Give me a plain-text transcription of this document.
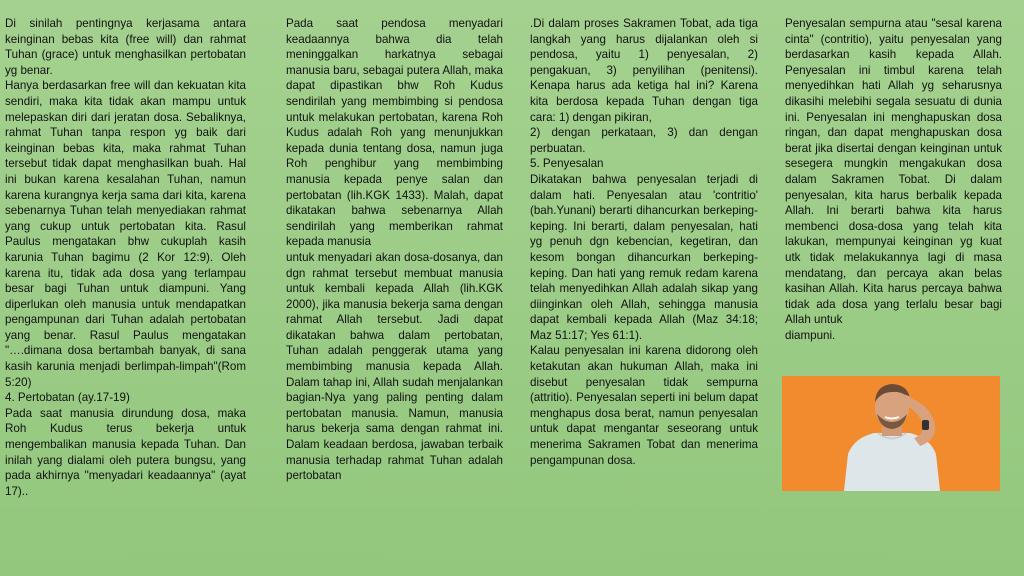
Di sinilah pentingnya kerjasama antara keinginan bebas kita (free will) dan rahmat Tuhan (grace) untuk menghasilkan pertobatan yg benar.

Hanya berdasarkan free will dan kekuatan kita sendiri, maka kita tidak akan mampu untuk melepaskan diri dari jeratan dosa. Sebaliknya, rahmat Tuhan tanpa respon yg baik dari keinginan bebas kita, maka rahmat Tuhan tersebut tidak dapat menghasilkan buah. Hal ini bukan karena kesalahan Tuhan, namun karena kurangnya kerja sama dari kita, karena sebenarnya Tuhan telah menyediakan rahmat yang cukup untuk pertobatan kita. Rasul Paulus mengatakan bhw cukuplah kasih karunia Tuhan bagimu (2 Kor 12:9). Oleh karena itu, tidak ada dosa yang terlampau besar bagi Tuhan untuk diampuni. Yang diperlukan oleh manusia untuk mendapatkan pengampunan dari Tuhan adalah pertobatan yang benar. Rasul Paulus mengatakan "….dimana dosa bertambah banyak, di sana kasih karunia menjadi berlimpah-limpah"(Rom 5:20)

4. Pertobatan (ay.17-19)

Pada saat manusia dirundung dosa, maka Roh Kudus terus bekerja untuk mengembalikan manusia kepada Tuhan. Dan inilah yang dialami oleh putera bungsu, yang pada akhirnya "menyadari keadaannya" (ayat 17)..

Pada saat pendosa menyadari keadaannya bahwa dia telah meninggalkan harkatnya sebagai manusia baru, sebagai putera Allah, maka dapat dipastikan bhw Roh Kudus sendirilah yang membimbing si pendosa untuk melakukan pertobatan, karena Roh Kudus adalah Roh yang menunjukkan kepada dunia tentang dosa, namun juga Roh penghibur yang membimbing manusia kepada penye salan dan pertobatan (lih.KGK 1433). Malah, dapat dikatakan bahwa sebenarnya Allah sendirilah yang memberikan rahmat kepada manusia

untuk menyadari akan dosa-dosanya, dan dgn rahmat tersebut membuat manusia untuk kembali kepada Allah (lih.KGK 2000), jika manusia bekerja sama dengan rahmat Allah tersebut. Jadi dapat dikatakan bahwa dalam pertobatan, Tuhan adalah penggerak utama yang membimbing manusia kepada Allah. Dalam tahap ini, Allah sudah menjalankan bagian-Nya yang paling penting dalam pertobatan manusia. Namun, manusia harus bekerja sama dengan rahmat ini. Dalam keadaan berdosa, jawaban terbaik manusia terhadap rahmat Tuhan adalah pertobatan

.Di dalam proses Sakramen Tobat, ada tiga langkah yang harus dijalankan oleh si pendosa, yaitu 1) penyesalan, 2) pengakuan, 3) penyilihan (penitensi). Kenapa harus ada ketiga hal ini? Karena kita berdosa kepada Tuhan dengan tiga cara: 1) dengan pikiran,

2) dengan perkataan, 3) dan dengan perbuatan.

5. Penyesalan

Dikatakan bahwa penyesalan terjadi di dalam hati. Penyesalan atau 'contritio' (bah.Yunani) berarti dihancurkan berkeping-keping. Ini berarti, dalam penyesalan, hati yg penuh dgn kebencian, kegetiran, dan kesom bongan dihancurkan berkeping-keping. Dan hati yang remuk redam karena telah menyedihkan Allah adalah sikap yang diinginkan oleh Allah, sehingga manusia dapat kembali kepada Allah (Maz 34:18; Maz 51:17; Yes 61:1).

Kalau penyesalan ini karena didorong oleh ketakutan akan hukuman Allah, maka ini disebut penyesalan tidak sempurna (attritio). Penyesalan seperti ini belum dapat menghapus dosa berat, namun penyesalan untuk dapat mengantar seseorang untuk menerima Sakramen Tobat dan menerima pengampunan dosa.

Penyesalan sempurna atau "sesal karena cinta" (contritio), yaitu penyesalan yang berdasarkan kasih kepada Allah. Penyesalan ini timbul karena telah menyedihkan hati Allah yg seharusnya dikasihi melebihi segala sesuatu di dunia ini. Penyesalan ini menghapuskan dosa ringan, dan dapat menghapuskan dosa berat jika disertai dengan keinginan untuk sesegera mungkin mengakukan dosa dalam Sakramen Tobat. Di dalam penyesalan, kita harus berbalik kepada Allah. Ini berarti bahwa kita harus membenci dosa-dosa yang telah kita lakukan, mempunyai keinginan yg kuat utk tidak melakukannya lagi di masa mendatang, dan percaya akan belas kasihan Allah. Kita harus percaya bahwa tidak ada dosa yang terlalu besar bagi Allah untuk

diampuni.
